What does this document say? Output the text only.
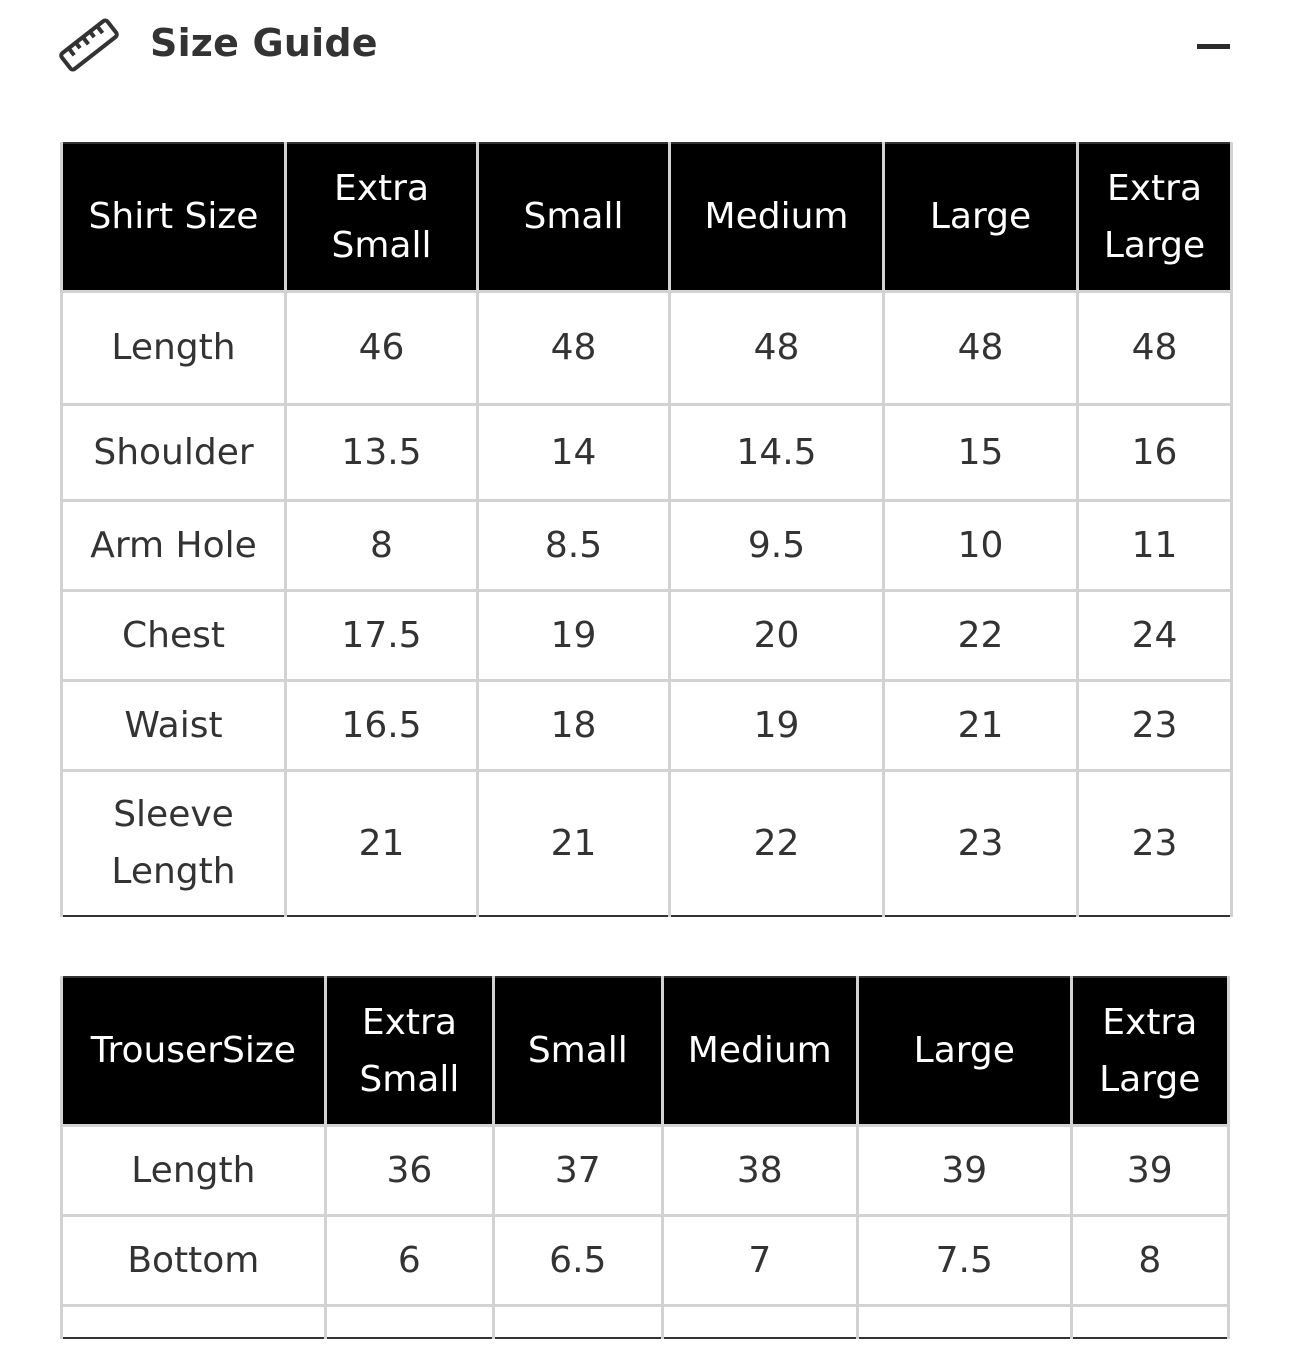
Size Guide
Shirt Size	Extra Small	Small	Medium	Large	Extra Large
Length	46	48	48	48	48
Shoulder	13.5	14	14.5	15	16
Arm Hole	8	8.5	9.5	10	11
Chest	17.5	19	20	22	24
Waist	16.5	18	19	21	23
Sleeve Length	21	21	22	23	23
TrouserSize	Extra Small	Small	Medium	Large	Extra Large
Length	36	37	38	39	39
Bottom	6	6.5	7	7.5	8
